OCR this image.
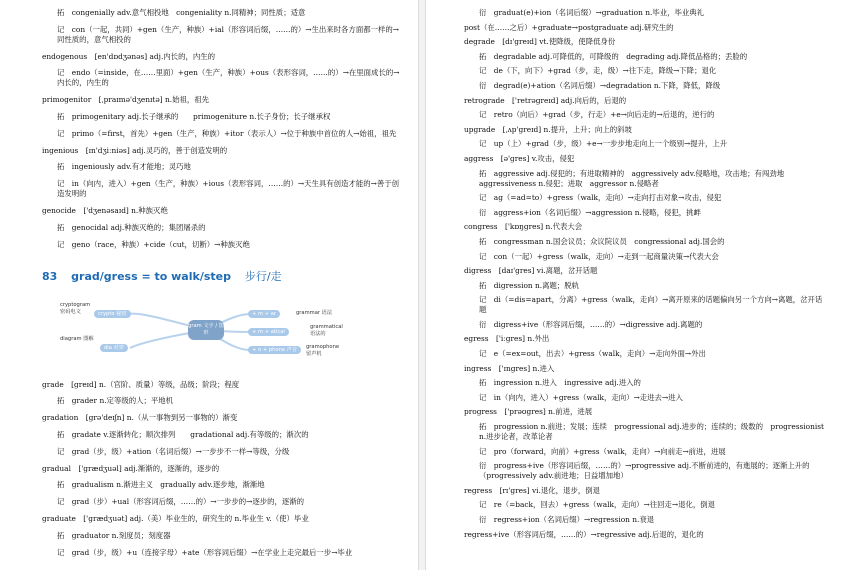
拓　congenially adv.意气相投地　congeniality n.同精神；同性质；适意
记　con（一起，共同）+gen（生产，种族）+ial（形容词后缀，……的）→生出来时各方面都一样的→同性质的，意气相投的
endogenous　[en'dɒdʒənəs] adj.内长的，内生的
记　endo（=inside，在……里面）+gen（生产，种族）+ous（表形容词，……的）→在里面成长的→内长的，内生的
primogenitor　[ˌpraɪmə'dʒenɪtə] n.始祖，祖先
拓　primogenitary adj.长子继承的　　primogeniture n.长子身份；长子继承权
记　primo（=first，首先）+gen（生产，种族）+itor（表示人）→位于种族中首位的人→始祖，祖先
ingenious　[ɪn'dʒiːniəs] adj.灵巧的，善于创造发明的
拓　ingeniously adv.有才能地；灵巧地
记　in（向内，进入）+gen（生产，种族）+ious（表形容词，……的）→天生具有创造才能的→善于创造发明的
genocide　['dʒenəsaɪd] n.种族灭绝
拓　genocidal adj.种族灭绝的；集团屠杀的
记　geno（race，种族）+cide（cut，切断）→种族灭绝
83 grad/gress = to walk/step 步行/走
gram 文字 / 图形
crypto 秘密
dia 对穿
+ m + ar
+ m + atical
+ o + phone 声音
cryptogram
密码电文
diagram 图解
grammar 语法
grammatical
语法的
gramophone
留声机
grade　[greɪd] n.（官阶、质量）等级，品级；阶段；程度
拓　grader n.定等级的人；平地机
gradation　[grə'deɪʃn] n.（从一事物到另一事物的）渐变
拓　gradate v.逐渐转化；顺次排列　　gradational adj.有等级的；渐次的
记　grad（步，级）+ation（名词后缀）→一步步不一样→等级，分级
gradual　['grædʒuəl] adj.渐渐的，逐渐的，逐步的
拓　gradualism n.渐进主义　gradually adv.逐步地，渐渐地
记　grad（步）+ual（形容词后缀，……的）→一步步的→逐步的，逐渐的
graduate　['grædʒuət] adj.（美）毕业生的，研究生的 n.毕业生 v.（使）毕业
拓　graduator n.刻度员；刻度器
记　grad（步，级）+u（连接字母）+ate（形容词后缀）→在学业上走完最后一步→毕业
衍　graduat(e)+ion（名词后缀）→graduation n.毕业，毕业典礼
post（在……之后）+graduate→postgraduate adj.研究生的
degrade　[dɪ'greɪd] vt.使降级，使降低身份
拓　degradable adj.可降低的，可降级的　degrading adj.降低品格的；丢脸的
记　de（下，向下）+grad（步，走，级）→往下走，降级→下降；退化
衍　degrad(e)+ation（名词后缀）→degradation n.下降，降低，降级
retrograde　['retrəgreɪd] adj.向后的，后退的
记　retro（向后）+grad（步，行走）+e→向后走的→后退的，逆行的
upgrade　[ˌʌp'greɪd] n.提升，上升；向上的斜坡
记　up（上）+grad（步，级）+e→一步步地走向上一个级别→提升，上升
aggress　[ə'gres] v.攻击，侵犯
拓　aggressive adj.侵犯的；有进取精神的　aggressively adv.侵略地，攻击地；有闯劲地　aggressiveness n.侵犯；进取　aggressor n.侵略者
记　ag（=ad=to）+gress（walk，走向）→走向打击对象→攻击，侵犯
衍　aggress+ion（名词后缀）→aggression n.侵略，侵犯，挑衅
congress　['kɒŋgres] n.代表大会
拓　congressman n.国会议员；众议院议员　congressional adj.国会的
记　con（一起）+gress（walk，走向）→走到一起商量决策→代表大会
digress　[daɪ'gres] vi.离题，岔开话题
拓　digression n.离题；脱轨
记　di（=dis=apart，分离）+gress（walk，走向）→离开原来的话题偏向另一个方向→离题，岔开话题
衍　digress+ive（形容词后缀，……的）→digressive adj.离题的
egress　['iːgres] n.外出
记　e（=ex=out，出去）+gress（walk，走向）→走向外面→外出
ingress　['ɪngres] n.进入
拓　ingression n.进入　ingressive adj.进入的
记　in（向内，进入）+gress（walk，走向）→走进去→进入
progress　['prəʊgres] n.前进，进展
拓　progression n.前进；发展；连续　progressional adj.进步的；连续的；级数的　progressionist n.进步论者，改革论者
记　pro（forward，向前）+gress（walk，走向）→向前走→前进，进展
衍　progress+ive（形容词后缀，……的）→progressive adj.不断前进的，有進展的；逐渐上升的（progressively adv.前进地；日益增加地）
regress　[rɪ'gres] vi.退化，退步，倒退
记　re（=back，回去）+gress（walk，走向）→往回走→退化，倒退
衍　regress+ion（名词后缀）→regression n.衰退
regress+ive（形容词后缀，……的）→regressive adj.后退的，退化的
